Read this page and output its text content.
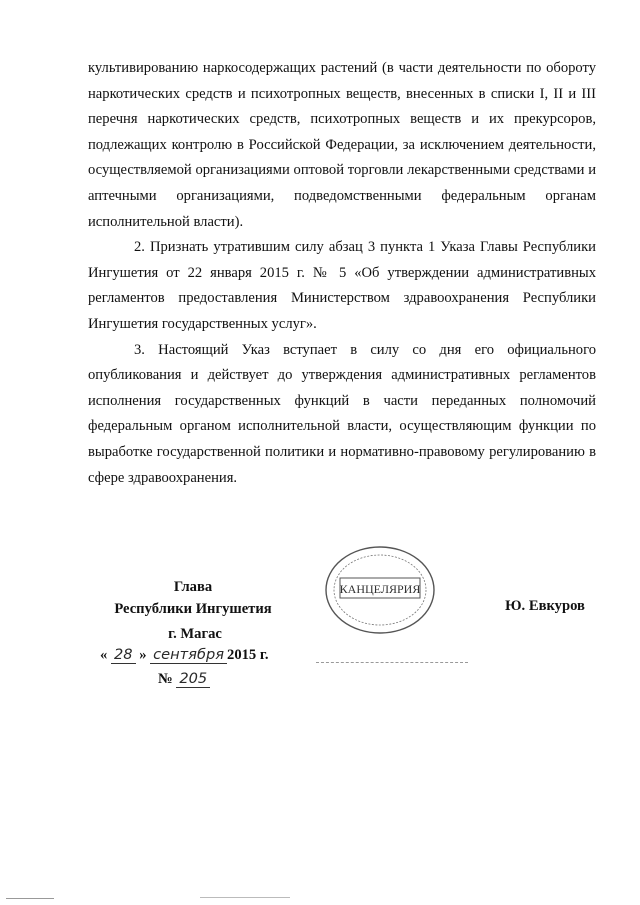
культивированию наркосодержащих растений (в части деятельности по обороту наркотических средств и психотропных веществ, внесенных в списки I, II и III перечня наркотических средств, психотропных веществ и их прекурсоров, подлежащих контролю в Российской Федерации, за исключением деятельности, осуществляемой организациями оптовой торговли лекарственными средствами и аптечными организациями, подведомственными федеральным органам исполнительной власти).

2. Признать утратившим силу абзац 3 пункта 1 Указа Главы Республики Ингушетия от 22 января 2015 г. № 5 «Об утверждении административных регламентов предоставления Министерством здравоохранения Республики Ингушетия государственных услуг».

3. Настоящий Указ вступает в силу со дня его официального опубликования и действует до утверждения административных регламентов исполнения государственных функций в части переданных полномочий федеральным органом исполнительной власти, осуществляющим функции по выработке государственной политики и нормативно-правовому регулированию в сфере здравоохранения.

Глава
Республики Ингушетия	Ю. Евкуров
г. Магас
« 28 » сентября 2015 г.
№ 205
КАНЦЕЛЯРИЯ
